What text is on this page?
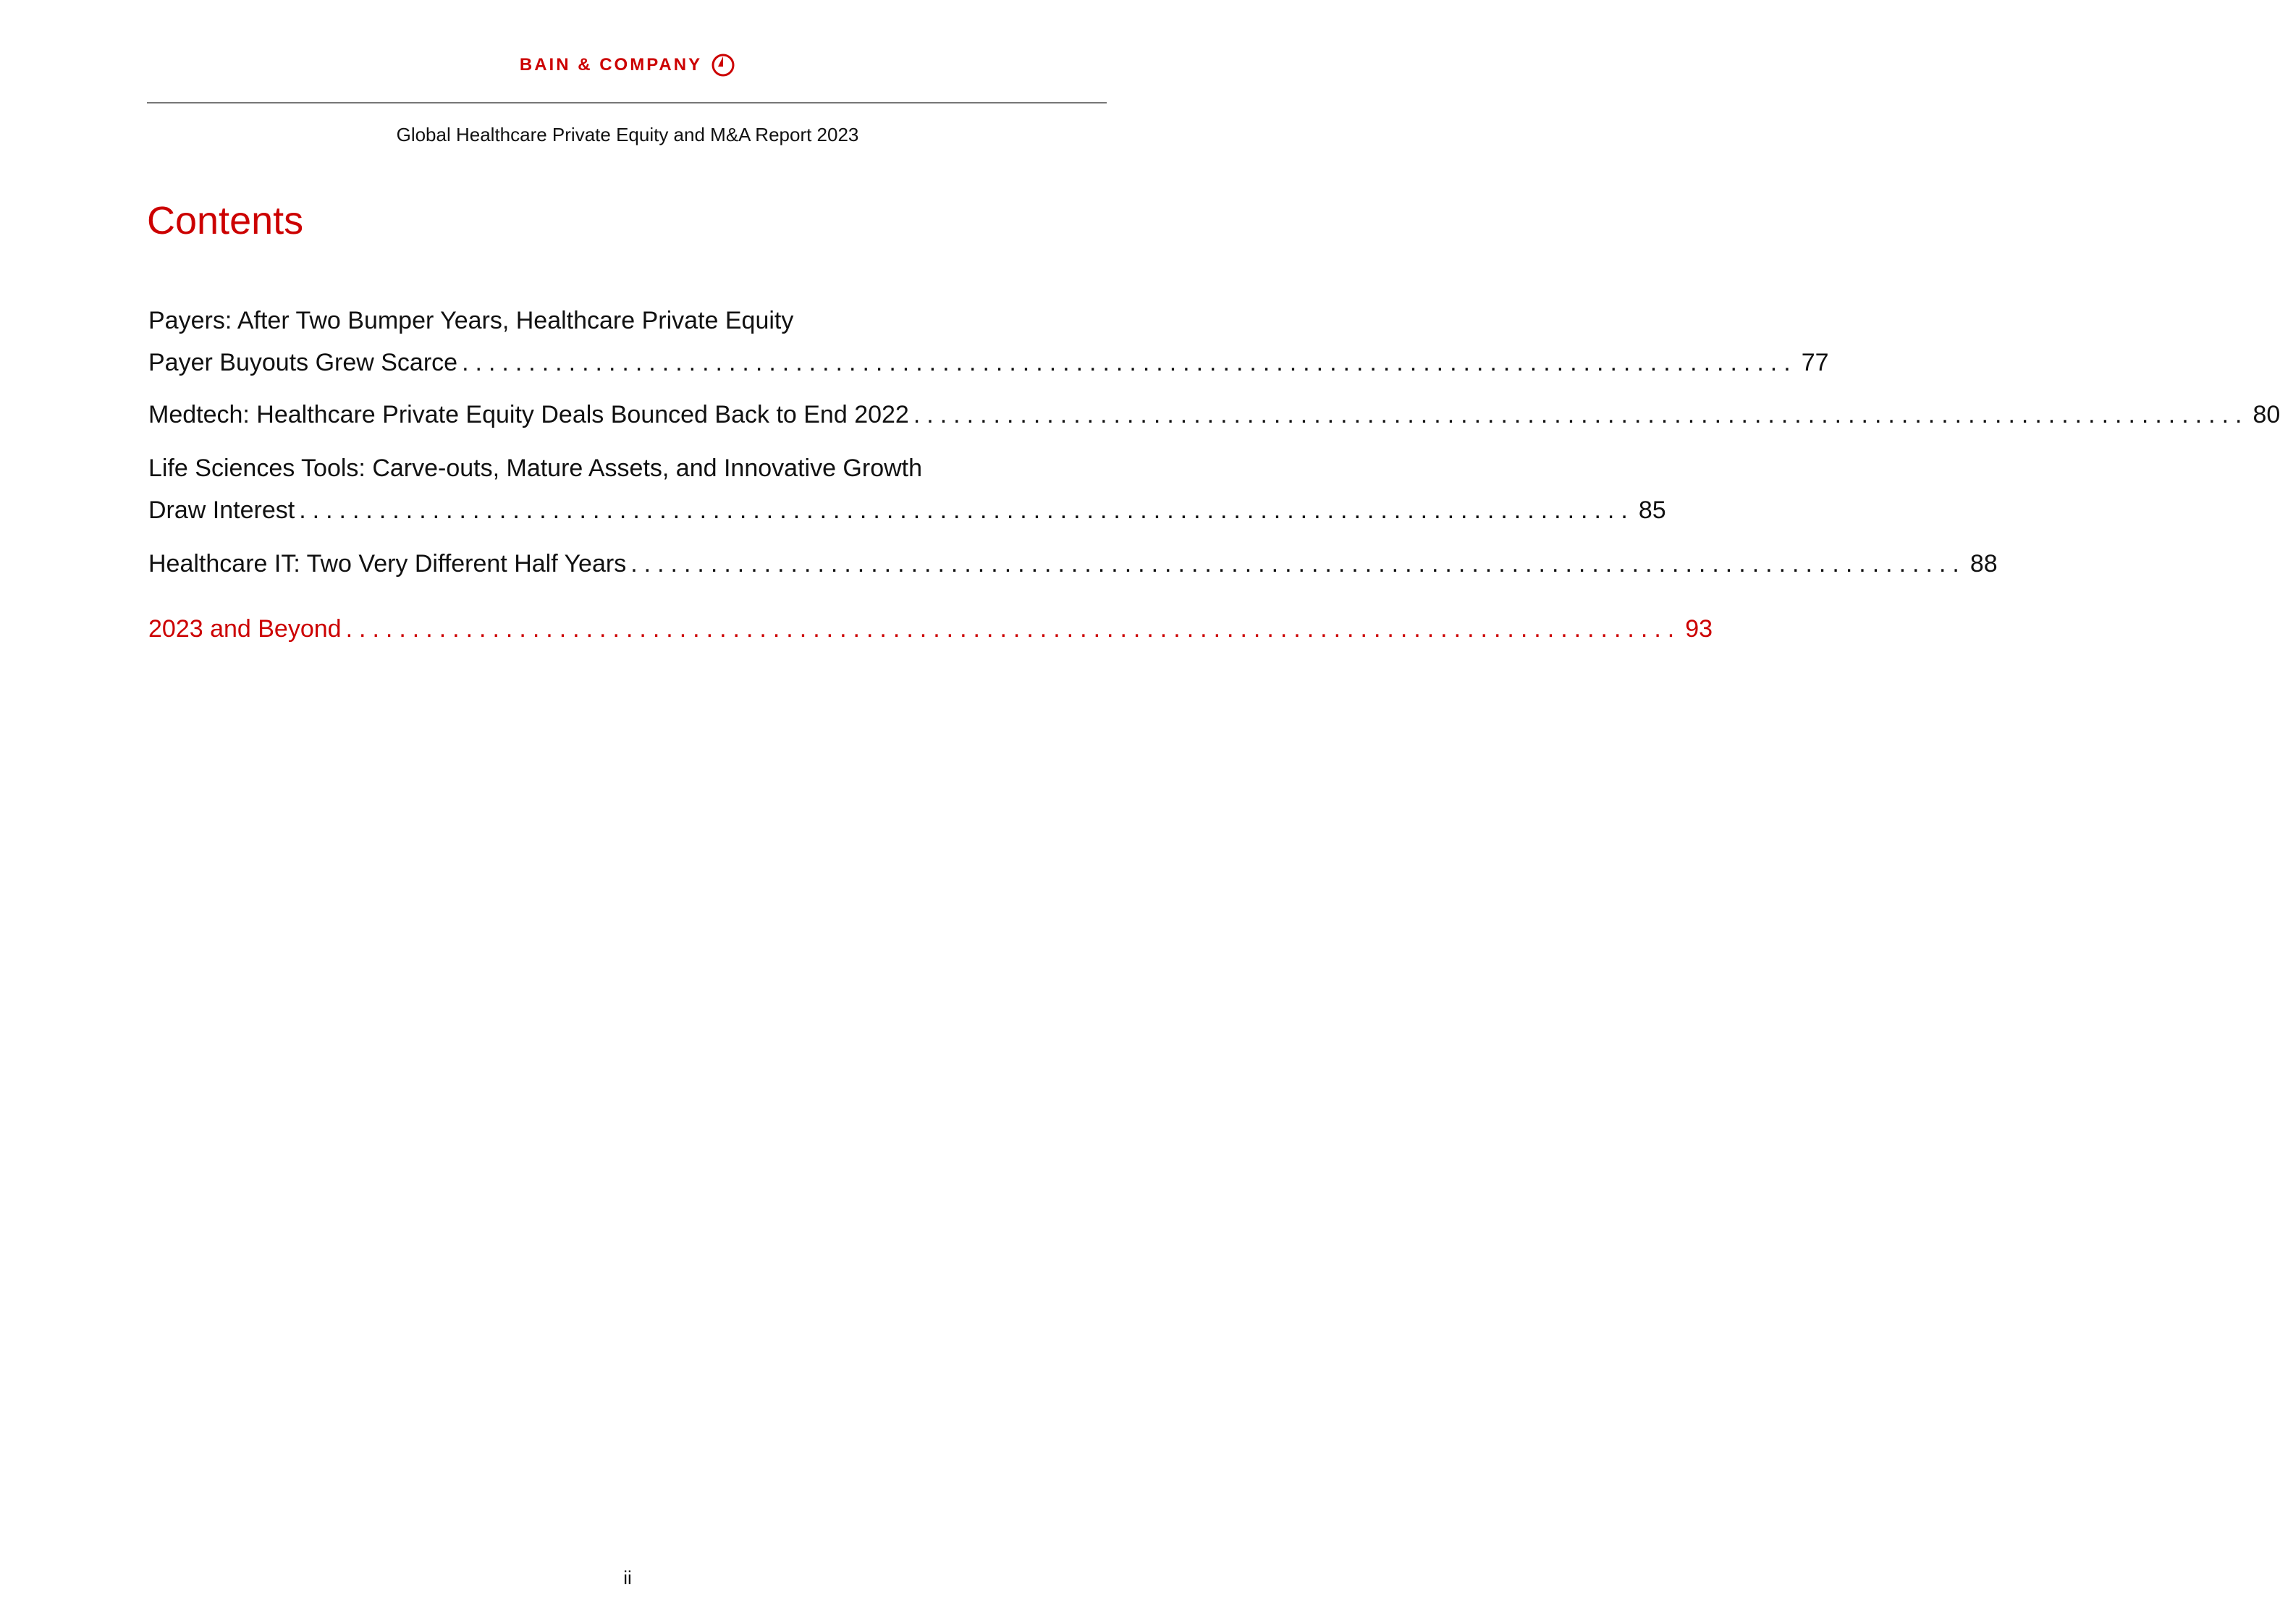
BAIN & COMPANY
Global Healthcare Private Equity and M&A Report 2023
Contents
Payers: After Two Bumper Years, Healthcare Private Equity
Payer Buyouts Grew Scarce .................................................................................................... 77
Medtech: Healthcare Private Equity Deals Bounced Back to End 2022 .................................................................................................... 80
Life Sciences Tools: Carve-outs, Mature Assets, and Innovative Growth
Draw Interest .................................................................................................... 85
Healthcare IT: Two Very Different Half Years .................................................................................................... 88
2023 and Beyond .................................................................................................... 93
ii
